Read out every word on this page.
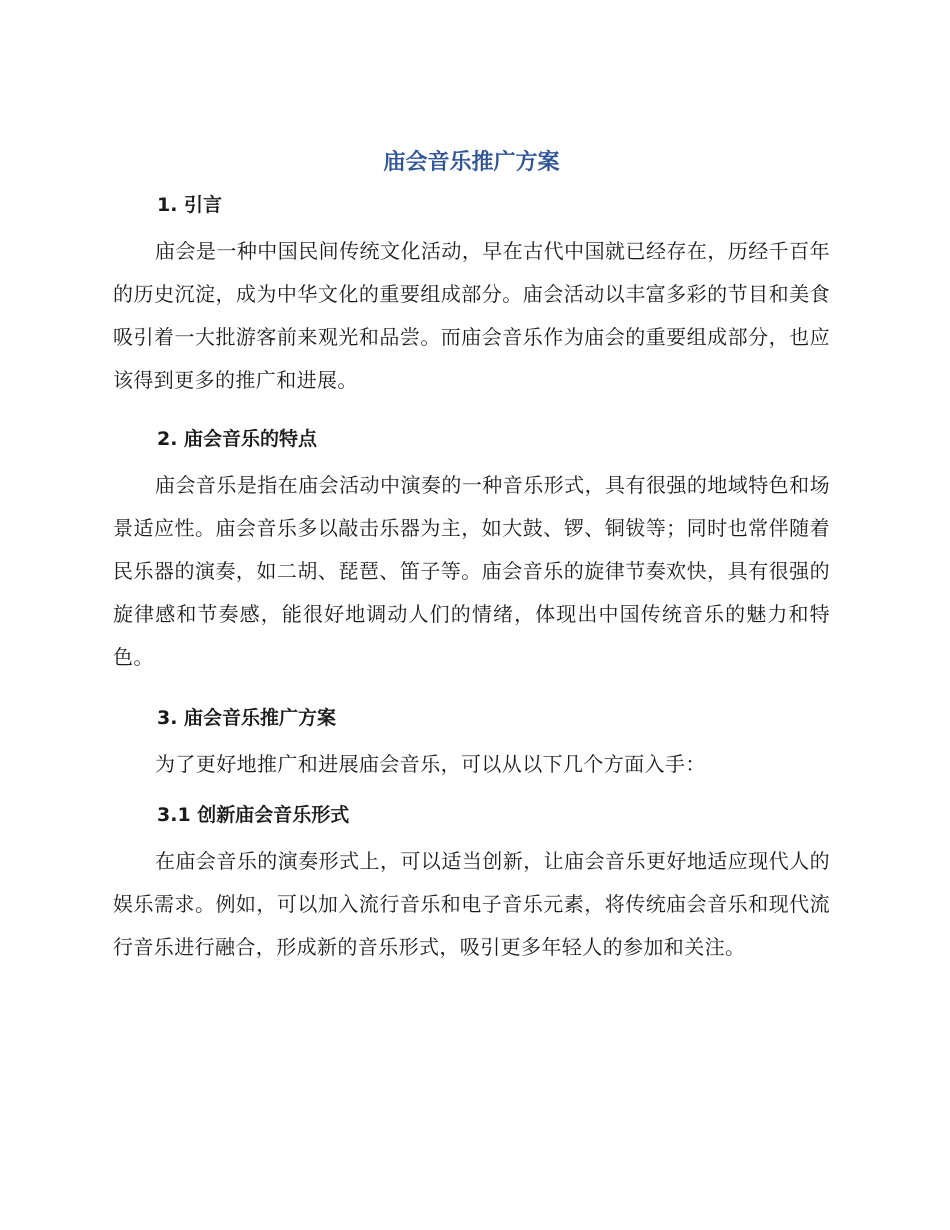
庙会音乐推广方案
1. 引言

庙会是一种中国民间传统文化活动，早在古代中国就已经存在，历经千百年的历史沉淀，成为中华文化的重要组成部分。庙会活动以丰富多彩的节目和美食吸引着一大批游客前来观光和品尝。而庙会音乐作为庙会的重要组成部分，也应该得到更多的推广和进展。

2. 庙会音乐的特点

庙会音乐是指在庙会活动中演奏的一种音乐形式，具有很强的地域特色和场景适应性。庙会音乐多以敲击乐器为主，如大鼓、锣、铜钹等；同时也常伴随着民乐器的演奏，如二胡、琵琶、笛子等。庙会音乐的旋律节奏欢快，具有很强的旋律感和节奏感，能很好地调动人们的情绪，体现出中国传统音乐的魅力和特色。

3. 庙会音乐推广方案

为了更好地推广和进展庙会音乐，可以从以下几个方面入手：

3.1 创新庙会音乐形式

在庙会音乐的演奏形式上，可以适当创新，让庙会音乐更好地适应现代人的娱乐需求。例如，可以加入流行音乐和电子音乐元素，将传统庙会音乐和现代流行音乐进行融合，形成新的音乐形式，吸引更多年轻人的参加和关注。
